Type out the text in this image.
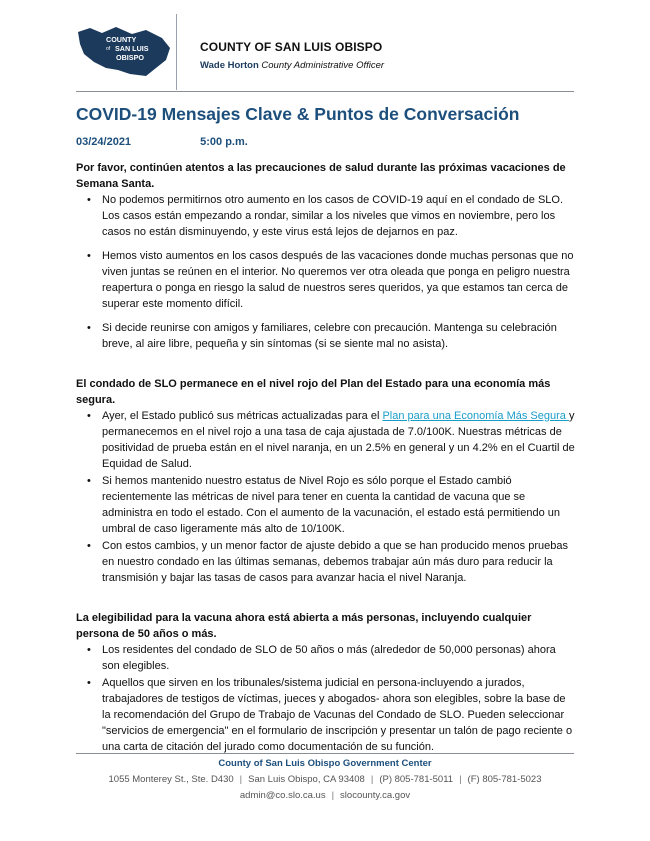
COUNTY
of SAN LUIS
OBISPO
COUNTY OF SAN LUIS OBISPO
Wade Horton County Administrative Officer
COVID-19 Mensajes Clave & Puntos de Conversación
03/24/2021	5:00 p.m.

Por favor, continúen atentos a las precauciones de salud durante las próximas vacaciones de Semana Santa.

• No podemos permitirnos otro aumento en los casos de COVID-19 aquí en el condado de SLO. Los casos están empezando a rondar, similar a los niveles que vimos en noviembre, pero los casos no están disminuyendo, y este virus está lejos de dejarnos en paz.
• Hemos visto aumentos en los casos después de las vacaciones donde muchas personas que no viven juntas se reúnen en el interior. No queremos ver otra oleada que ponga en peligro nuestra reapertura o ponga en riesgo la salud de nuestros seres queridos, ya que estamos tan cerca de superar este momento difícil.
• Si decide reunirse con amigos y familiares, celebre con precaución. Mantenga su celebración breve, al aire libre, pequeña y sin síntomas (si se siente mal no asista).

El condado de SLO permanece en el nivel rojo del Plan del Estado para una economía más segura.

• Ayer, el Estado publicó sus métricas actualizadas para el Plan para una Economía Más Segura y permanecemos en el nivel rojo a una tasa de caja ajustada de 7.0/100K. Nuestras métricas de positividad de prueba están en el nivel naranja, en un 2.5% en general y un 4.2% en el Cuartil de Equidad de Salud.
• Si hemos mantenido nuestro estatus de Nivel Rojo es sólo porque el Estado cambió recientemente las métricas de nivel para tener en cuenta la cantidad de vacuna que se administra en todo el estado. Con el aumento de la vacunación, el estado está permitiendo un umbral de caso ligeramente más alto de 10/100K.
• Con estos cambios, y un menor factor de ajuste debido a que se han producido menos pruebas en nuestro condado en las últimas semanas, debemos trabajar aún más duro para reducir la transmisión y bajar las tasas de casos para avanzar hacia el nivel Naranja.

La elegibilidad para la vacuna ahora está abierta a más personas, incluyendo cualquier persona de 50 años o más.

• Los residentes del condado de SLO de 50 años o más (alrededor de 50,000 personas) ahora son elegibles.
• Aquellos que sirven en los tribunales/sistema judicial en persona-incluyendo a jurados, trabajadores de testigos de víctimas, jueces y abogados- ahora son elegibles, sobre la base de la recomendación del Grupo de Trabajo de Vacunas del Condado de SLO. Pueden seleccionar "servicios de emergencia" en el formulario de inscripción y presentar un talón de pago reciente o una carta de citación del jurado como documentación de su función.
County of San Luis Obispo Government Center
1055 Monterey St., Ste. D430 | San Luis Obispo, CA 93408 | (P) 805-781-5011 | (F) 805-781-5023
admin@co.slo.ca.us | slocounty.ca.gov
